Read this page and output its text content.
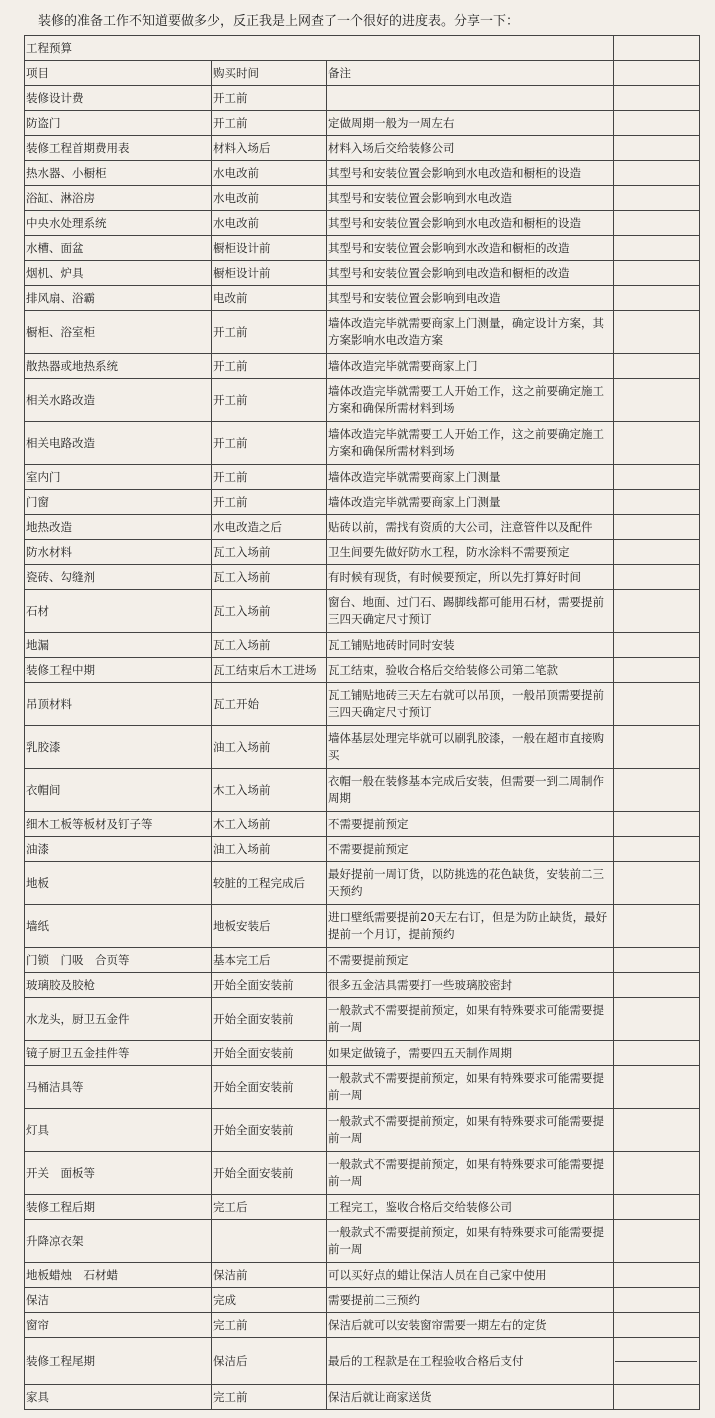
装修的准备工作不知道要做多少，反正我是上网查了一个很好的进度表。分享一下：
工程预算			
项目	购买时间	备注	
装修设计费	开工前		
防盗门	开工前	定做周期一般为一周左右	
装修工程首期费用表	材料入场后	材料入场后交给装修公司	
热水器、小橱柜	水电改前	其型号和安装位置会影响到水电改造和橱柜的设造	
浴缸、淋浴房	水电改前	其型号和安装位置会影响到水电改造	
中央水处理系统	水电改前	其型号和安装位置会影响到水电改造和橱柜的设造	
水槽、面盆	橱柜设计前	其型号和安装位置会影响到水改造和橱柜的改造	
烟机、炉具	橱柜设计前	其型号和安装位置会影响到电改造和橱柜的改造	
排风扇、浴霸	电改前	其型号和安装位置会影响到电改造	
橱柜、浴室柜	开工前	墙体改造完毕就需要商家上门测量，确定设计方案，其方案影响水电改造方案	
散热器或地热系统	开工前	墙体改造完毕就需要商家上门	
相关水路改造	开工前	墙体改造完毕就需要工人开始工作，这之前要确定施工方案和确保所需材料到场	
相关电路改造	开工前	墙体改造完毕就需要工人开始工作，这之前要确定施工方案和确保所需材料到场	
室内门	开工前	墙体改造完毕就需要商家上门测量	
门窗	开工前	墙体改造完毕就需要商家上门测量	
地热改造	水电改造之后	贴砖以前，需找有资质的大公司，注意管件以及配件	
防水材料	瓦工入场前	卫生间要先做好防水工程，防水涂料不需要预定	
瓷砖、勾缝剂	瓦工入场前	有时候有现货，有时候要预定，所以先打算好时间	
石材	瓦工入场前	窗台、地面、过门石、踢脚线都可能用石材，需要提前三四天确定尺寸预订	
地漏	瓦工入场前	瓦工铺贴地砖时同时安装	
装修工程中期	瓦工结束后木工进场	瓦工结束，验收合格后交给装修公司第二笔款	
吊顶材料	瓦工开始	瓦工铺贴地砖三天左右就可以吊顶，一般吊顶需要提前三四天确定尺寸预订	
乳胶漆	油工入场前	墙体基层处理完毕就可以刷乳胶漆，一般在超市直接购买	
衣帽间	木工入场前	衣帽一般在装修基本完成后安装，但需要一到二周制作周期	
细木工板等板材及钉子等	木工入场前	不需要提前预定	
油漆	油工入场前	不需要提前预定	
地板	较脏的工程完成后	最好提前一周订货，以防挑选的花色缺货，安装前二三天预约	
墙纸	地板安装后	进口壁纸需要提前20天左右订，但是为防止缺货，最好提前一个月订，提前预约	
门锁　门吸　合页等	基本完工后	不需要提前预定	
玻璃胶及胶枪	开始全面安装前	很多五金洁具需要打一些玻璃胶密封	
水龙头，厨卫五金件	开始全面安装前	一般款式不需要提前预定，如果有特殊要求可能需要提前一周	
镜子厨卫五金挂件等	开始全面安装前	如果定做镜子，需要四五天制作周期	
马桶洁具等	开始全面安装前	一般款式不需要提前预定，如果有特殊要求可能需要提前一周	
灯具	开始全面安装前	一般款式不需要提前预定，如果有特殊要求可能需要提前一周	
开关　面板等	开始全面安装前	一般款式不需要提前预定，如果有特殊要求可能需要提前一周	
装修工程后期	完工后	工程完工，鉴收合格后交给装修公司	
升降凉衣架		一般款式不需要提前预定，如果有特殊要求可能需要提前一周	
地板蜡烛　石材蜡	保洁前	可以买好点的蜡让保洁人员在自己家中使用	
保洁	完成	需要提前二三预约	
窗帘	完工前	保洁后就可以安装窗帘需要一期左右的定货	
装修工程尾期	保洁后	最后的工程款是在工程验收合格后支付	

家具	完工前	保洁后就让商家送货	
